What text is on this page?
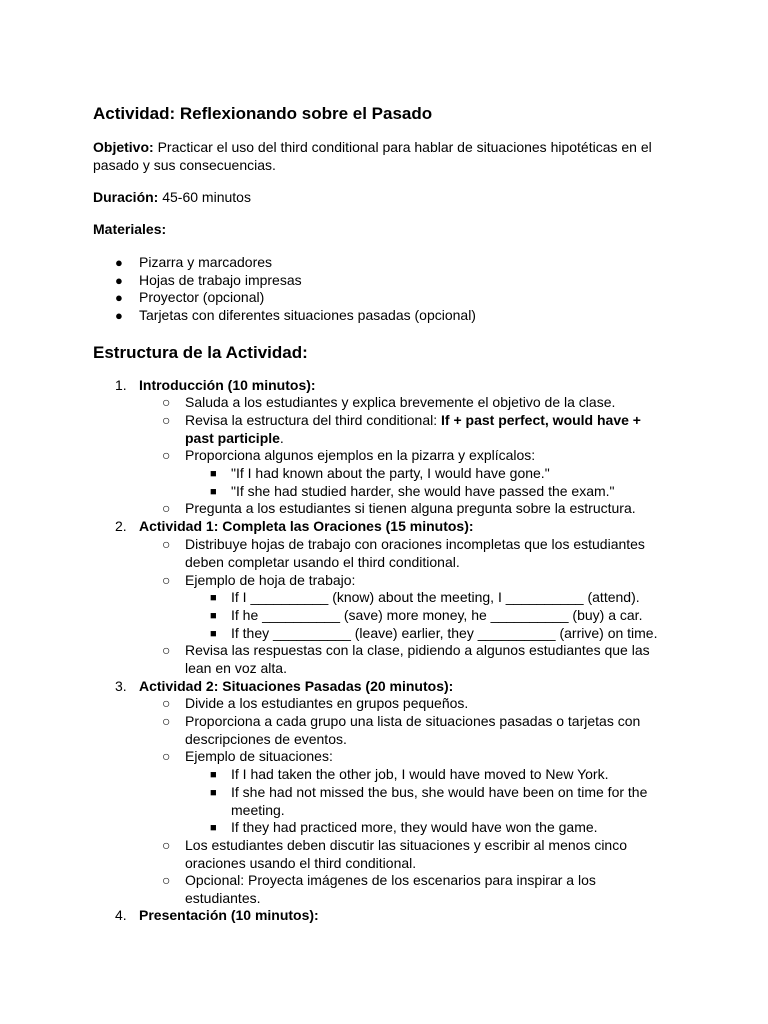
Actividad: Reflexionando sobre el Pasado
Objetivo: Practicar el uso del third conditional para hablar de situaciones hipotéticas en el
pasado y sus consecuencias.
Duración: 45-60 minutos
Materiales:
● Pizarra y marcadores
● Hojas de trabajo impresas
● Proyector (opcional)
● Tarjetas con diferentes situaciones pasadas (opcional)
Estructura de la Actividad:
1. Introducción (10 minutos):
○ Saluda a los estudiantes y explica brevemente el objetivo de la clase.
○ Revisa la estructura del third conditional: If + past perfect, would have +
past participle.
○ Proporciona algunos ejemplos en la pizarra y explícalos:
■ "If I had known about the party, I would have gone."
■ "If she had studied harder, she would have passed the exam."
○ Pregunta a los estudiantes si tienen alguna pregunta sobre la estructura.
2. Actividad 1: Completa las Oraciones (15 minutos):
○ Distribuye hojas de trabajo con oraciones incompletas que los estudiantes
deben completar usando el third conditional.
○ Ejemplo de hoja de trabajo:
■ If I __________ (know) about the meeting, I __________ (attend).
■ If he __________ (save) more money, he __________ (buy) a car.
■ If they __________ (leave) earlier, they __________ (arrive) on time.
○ Revisa las respuestas con la clase, pidiendo a algunos estudiantes que las
lean en voz alta.
3. Actividad 2: Situaciones Pasadas (20 minutos):
○ Divide a los estudiantes en grupos pequeños.
○ Proporciona a cada grupo una lista de situaciones pasadas o tarjetas con
descripciones de eventos.
○ Ejemplo de situaciones:
■ If I had taken the other job, I would have moved to New York.
■ If she had not missed the bus, she would have been on time for the
meeting.
■ If they had practiced more, they would have won the game.
○ Los estudiantes deben discutir las situaciones y escribir al menos cinco
oraciones usando el third conditional.
○ Opcional: Proyecta imágenes de los escenarios para inspirar a los
estudiantes.
4. Presentación (10 minutos):
